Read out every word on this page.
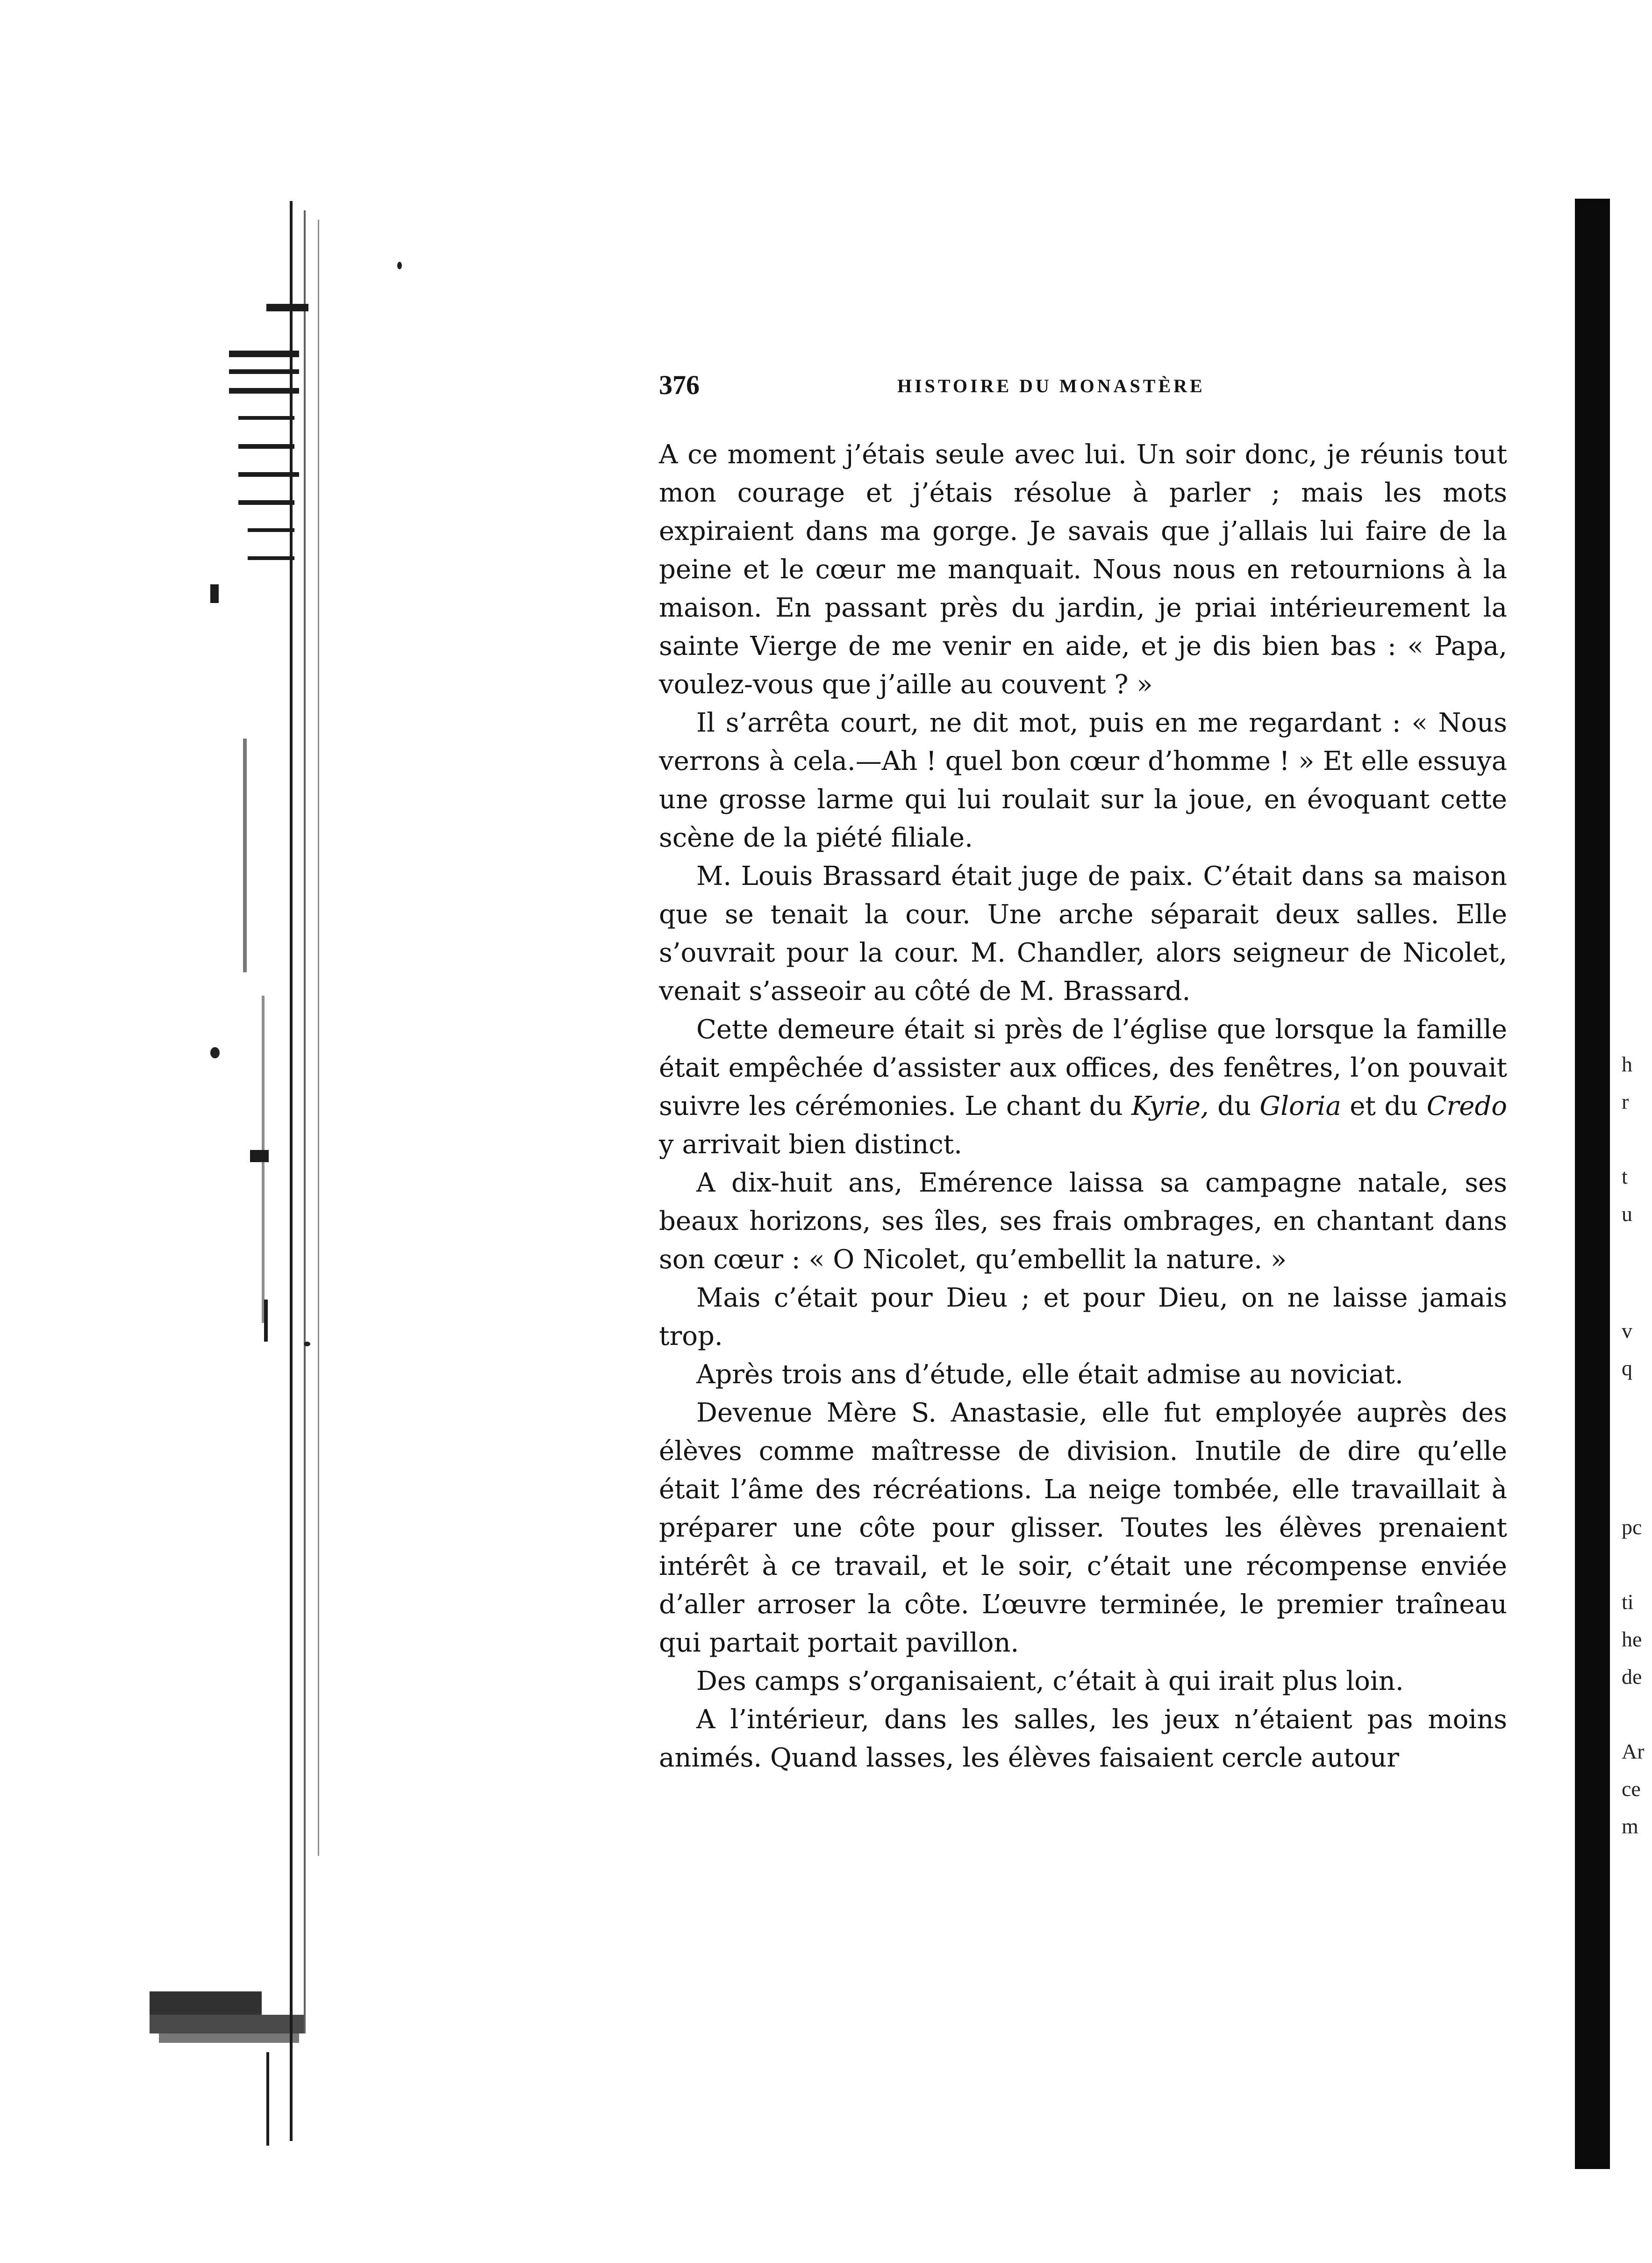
376	HISTOIRE DU MONASTÈRE

A ce moment j’étais seule avec lui. Un soir donc, je réunis tout mon courage et j’étais résolue à parler ; mais les mots expiraient dans ma gorge. Je savais que j’allais lui faire de la peine et le cœur me manquait. Nous nous en retournions à la maison. En passant près du jardin, je priai intérieurement la sainte Vierge de me venir en aide, et je dis bien bas : « Papa, voulez-vous que j’aille au couvent ? »

Il s’arrêta court, ne dit mot, puis en me regardant : « Nous verrons à cela.—Ah ! quel bon cœur d’homme ! » Et elle essuya une grosse larme qui lui roulait sur la joue, en évoquant cette scène de la piété filiale.

M. Louis Brassard était juge de paix. C’était dans sa maison que se tenait la cour. Une arche séparait deux salles. Elle s’ouvrait pour la cour. M. Chandler, alors seigneur de Nicolet, venait s’asseoir au côté de M. Brassard.

Cette demeure était si près de l’église que lorsque la famille était empêchée d’assister aux offices, des fenêtres, l’on pouvait suivre les cérémonies. Le chant du Kyrie, du Gloria et du Credo y arrivait bien distinct.

A dix-huit ans, Emérence laissa sa campagne natale, ses beaux horizons, ses îles, ses frais ombrages, en chantant dans son cœur : « O Nicolet, qu’embellit la nature. »

Mais c’était pour Dieu ; et pour Dieu, on ne laisse jamais trop.

Après trois ans d’étude, elle était admise au noviciat.

Devenue Mère S. Anastasie, elle fut employée auprès des élèves comme maîtresse de division. Inutile de dire qu’elle était l’âme des récréations. La neige tombée, elle travaillait à préparer une côte pour glisser. Toutes les élèves prenaient intérêt à ce travail, et le soir, c’était une récompense enviée d’aller arroser la côte. L’œuvre terminée, le premier traîneau qui partait portait pavillon.

Des camps s’organisaient, c’était à qui irait plus loin.

A l’intérieur, dans les salles, les jeux n’étaient pas moins animés. Quand lasses, les élèves faisaient cercle autour

h
r
t
u
v
q
pc
ti
he
de
Ar
ce
m
